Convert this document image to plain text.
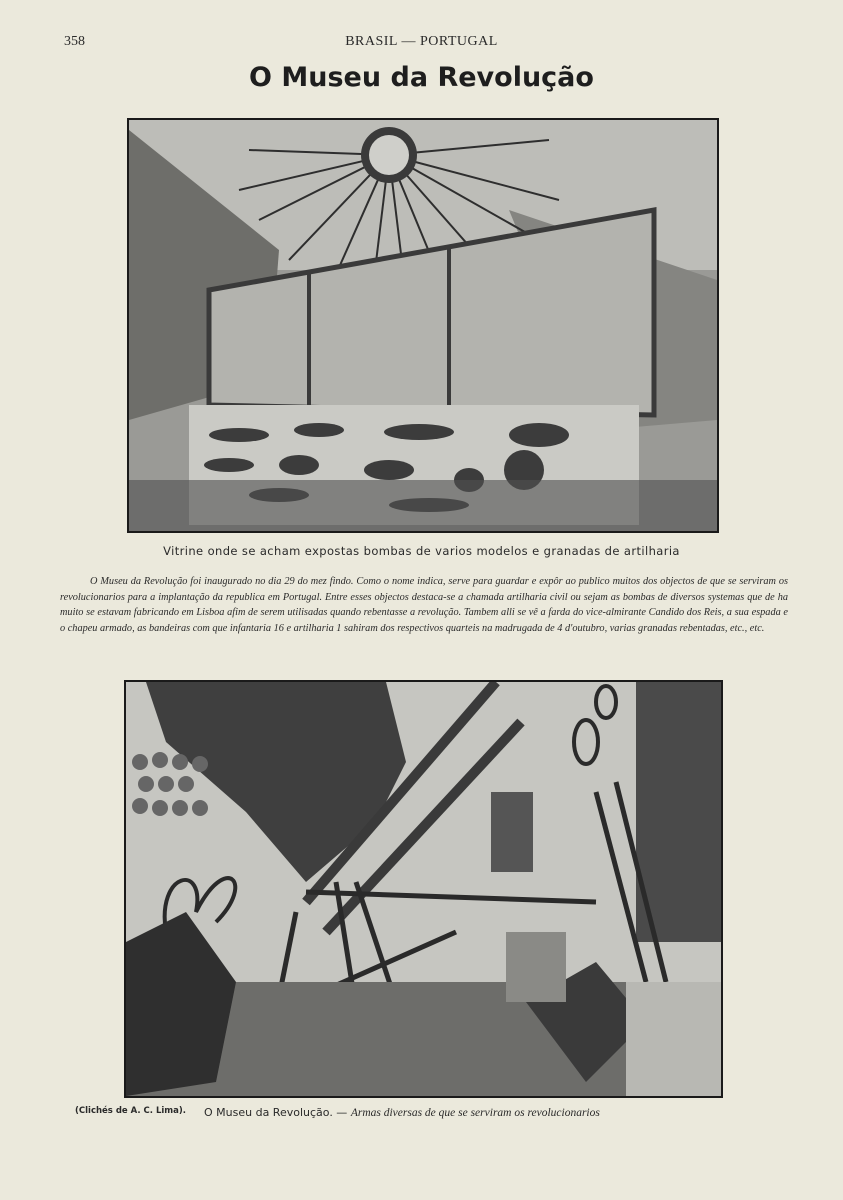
358	BRASIL — PORTUGAL
O Museu da Revolução
Vitrine onde se acham expostas bombas de varios modelos e granadas de artilharia

O Museu da Revolução foi inaugurado no dia 29 do mez findo. Como o nome indica, serve para guardar e expôr ao publico muitos dos objectos de que se serviram os revolucionarios para a implantação da republica em Portugal. Entre esses objectos destaca-se a chamada artilharia civil ou sejam as bombas de diversos systemas que de ha muito se estavam fabricando em Lisboa afim de serem utilisadas quando rebentasse a revolução. Tambem alli se vê a farda do vice-almirante Candido dos Reis, a sua espada e o chapeu armado, as bandeiras com que infantaria 16 e artilharia 1 sahiram dos respectivos quarteis na madrugada de 4 d'outubro, varias granadas rebentadas, etc., etc.

(Clichés de A. C. Lima). O Museu da Revolução. — Armas diversas de que se serviram os revolucionarios
